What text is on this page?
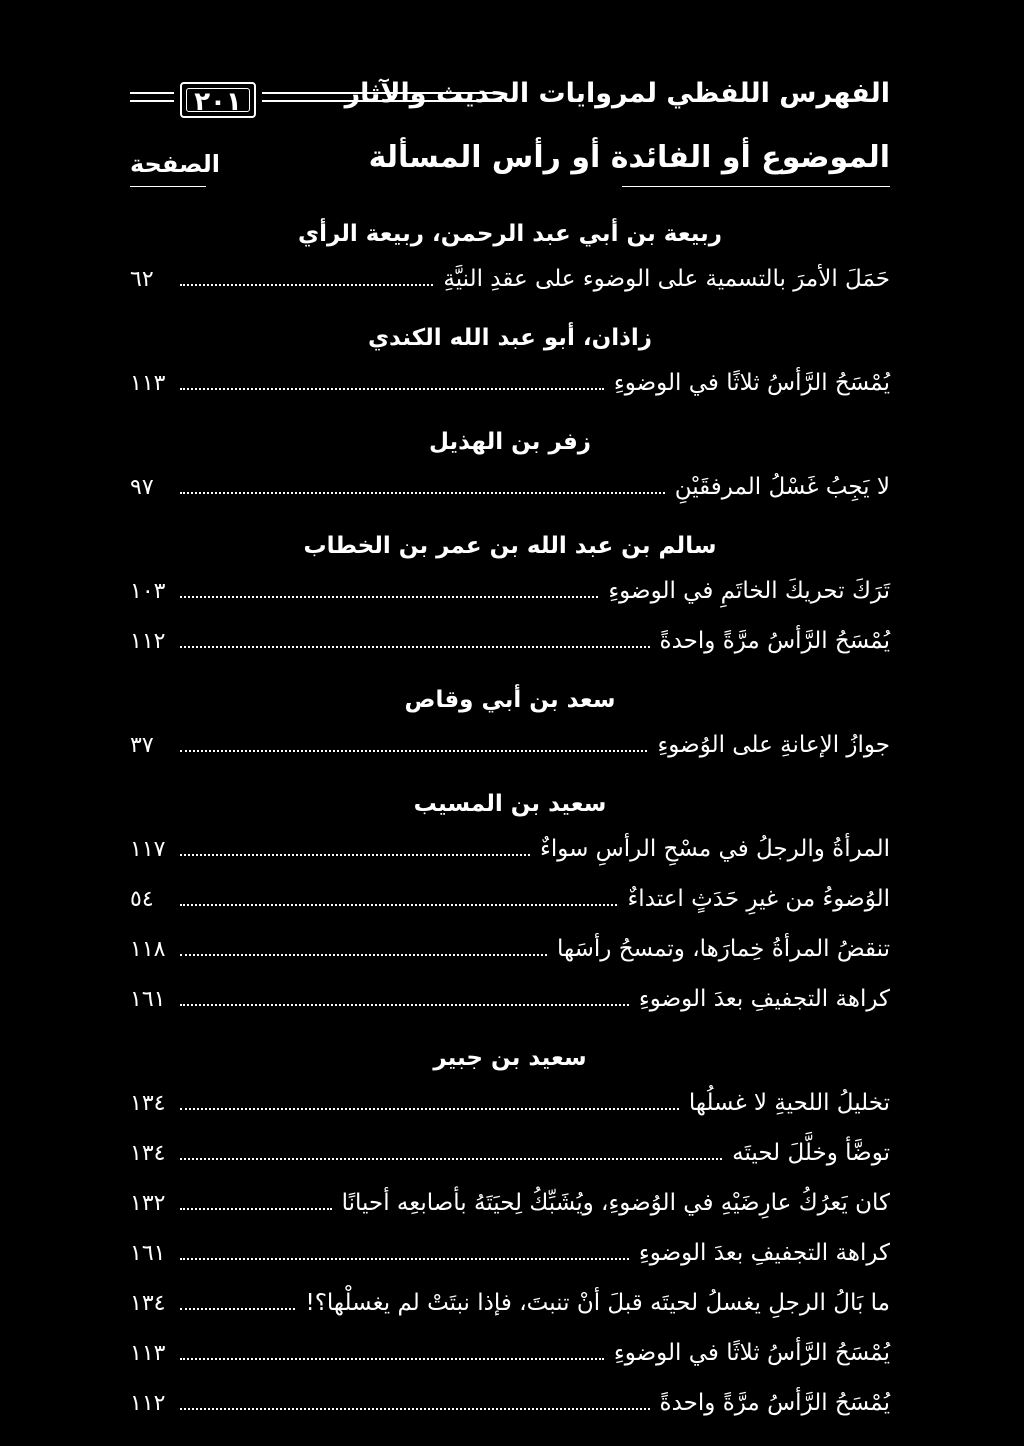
٢٠١	الفهرس اللفظي لمروايات الحديث والآثار
الموضوع أو الفائدة أو رأس المسألة
الصفحة
ربيعة بن أبي عبد الرحمن، ربيعة الرأي
حَمَلَ الأمرَ بالتسمية على الوضوء على عقدِ النيَّةِ
٦٢
زاذان، أبو عبد الله الكندي
يُمْسَحُ الرَّأسُ ثلاثًا في الوضوءِ
١١٣
زفر بن الهذيل
لا يَجِبُ غَسْلُ المرفقَيْنِ
٩٧
سالم بن عبد الله بن عمر بن الخطاب
تَرَكَ تحريكَ الخاتَمِ في الوضوءِ
١٠٣
يُمْسَحُ الرَّأسُ مرَّةً واحدةً
١١٢
سعد بن أبي وقاص
جوازُ الإعانةِ على الوُضوءِ
٣٧
سعيد بن المسيب
المرأةُ والرجلُ في مسْحِ الرأسِ سواءٌ
١١٧
الوُضوءُ من غيرِ حَدَثٍ اعتداءٌ
٥٤
تنقضُ المرأةُ خِمارَها، وتمسحُ رأسَها
١١٨
كراهة التجفيفِ بعدَ الوضوءِ
١٦١
سعيد بن جبير
تخليلُ اللحيةِ لا غسلُها
١٣٤
توضَّأ وخلَّلَ لحيتَه
١٣٤
كان يَعرُكُ عارِضَيْهِ في الوُضوءِ، ويُشَبِّكُ لِحيَتَهُ بأصابعِه أحيانًا
١٣٢
كراهة التجفيفِ بعدَ الوضوءِ
١٦١
ما بَالُ الرجلِ يغسلُ لحيتَه قبلَ أنْ تنبتَ، فإذا نبتَتْ لم يغسلْها؟!
١٣٤
يُمْسَحُ الرَّأسُ ثلاثًا في الوضوءِ
١١٣
يُمْسَحُ الرَّأسُ مرَّةً واحدةً
١١٢
